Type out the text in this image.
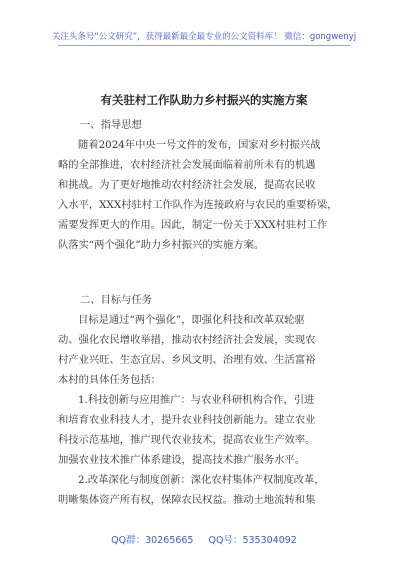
关注头条号“公文研究”，获得最新最全最专业的公文资料库！ 微信：gongwenyj
有关驻村工作队助力乡村振兴的实施方案
一、指导思想
随着2024年中央一号文件的发布，国家对乡村振兴战
略的全部推进，农村经济社会发展面临着前所未有的机遇
和挑战。为了更好地推动农村经济社会发展，提高农民收
入水平，XXX村驻村工作队作为连接政府与农民的重要桥梁，
需要发挥更大的作用。因此，制定一份关于XXX村驻村工作
队落实“两个强化”助力乡村振兴的实施方案。
二、目标与任务
目标是通过“两个强化”，即强化科技和改革双轮驱
动、强化农民增收举措，推动农村经济社会发展，实现农
村产业兴旺、生态宜居、乡风文明、治理有效、生活富裕
本村的具体任务包括：
1.科技创新与应用推广：与农业科研机构合作，引进
和培育农业科技人才，提升农业科技创新能力。建立农业
科技示范基地，推广现代农业技术，提高农业生产效率。
加强农业技术推广体系建设，提高技术推广服务水平。
2.改革深化与制度创新：深化农村集体产权制度改革，
明晰集体资产所有权，保障农民权益。推动土地流转和集
QQ群：30265665 QQ号：535304092
